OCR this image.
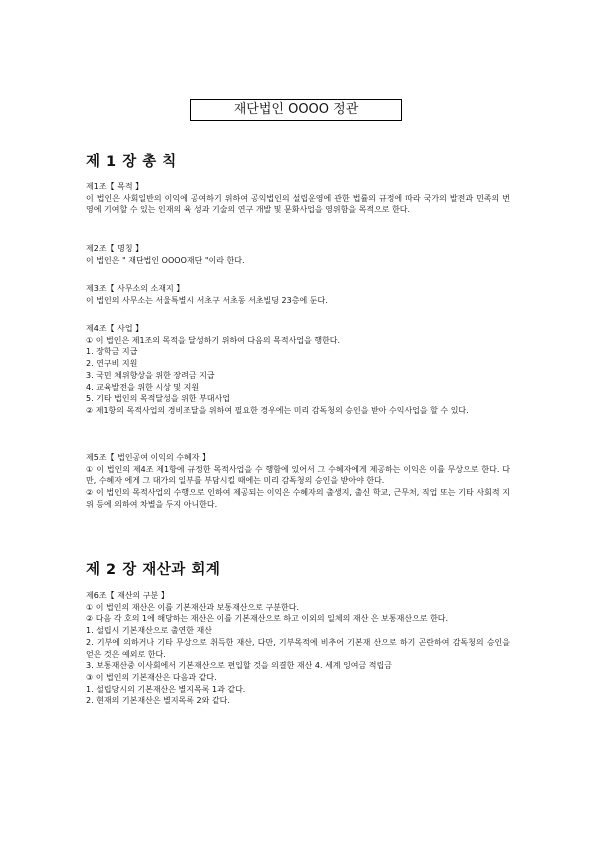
재단법인 OOOO 정관
제 1 장 총 칙

제1조【 목적 】

이 법인은 사회일반의 이익에 공여하기 위하여 공익법인의 설립운영에 관한 법률의 규정에 따라 국가의 발전과 민족의 번영에 기여할 수 있는 인재의 육 성과 기술의 연구 개발 및 문화사업을 영위함을 목적으로 한다.

제2조【 명칭 】

이 법인은 " 재단법인 OOOO재단 "이라 한다.

제3조【 사무소의 소재지 】

이 법인의 사무소는 서울특별시 서초구 서초동 서초빌딩 23층에 둔다.

제4조【 사업 】

① 이 법인은 제1조의 목적을 달성하기 위하여 다음의 목적사업을 행한다.

1. 장학금 지급

2. 연구비 지원

3. 국민 체위향상을 위한 장려금 지급

4. 교육발전을 위한 시상 및 지원

5. 기타 법인의 목적달성을 위한 부대사업

② 제1항의 목적사업의 경비조달을 위하여 필요한 경우에는 미리 감독청의 승인을 받아 수익사업을 할 수 있다.

제5조【 법인공여 이익의 수혜자 】

① 이 법인의 제4조 제1항에 규정한 목적사업을 수 행함에 있어서 그 수혜자에게 제공하는 이익은 이를 무상으로 한다. 다만, 수혜자 에게 그 대가의 일부를 부담시킬 때에는 미리 감독청의 승인을 받아야 한다.

② 이 법인의 목적사업의 수행으로 인하여 제공되는 이익은 수혜자의 출생지, 출신 학교, 근무처, 직업 또는 기타 사회적 지위 등에 의하여 차별을 두지 아니한다.

제 2 장 재산과 회계

제6조【 재산의 구분 】

① 이 법인의 재산은 이를 기본재산과 보통재산으로 구분한다.

② 다음 각 호의 1에 해당하는 재산은 이를 기본재산으로 하고 이외의 일체의 재산 은 보통재산으로 한다.

1. 설립시 기본재산으로 출연한 재산

2. 기부에 의하거나 기타 무상으로 취득한 재산, 다만, 기부목적에 비추어 기본재 산으로 하기 곤란하여 감독청의 승인을 얻은 것은 예외로 한다.

3. 보통재산중 이사회에서 기본재산으로 편입할 것을 의결한 재산 4. 세계 잉여금 적립금

③ 이 법인의 기본재산은 다음과 같다.

1. 설립당시의 기본재산은 별지목록 1과 같다.

2. 현재의 기본재산은 별지목록 2와 같다.
